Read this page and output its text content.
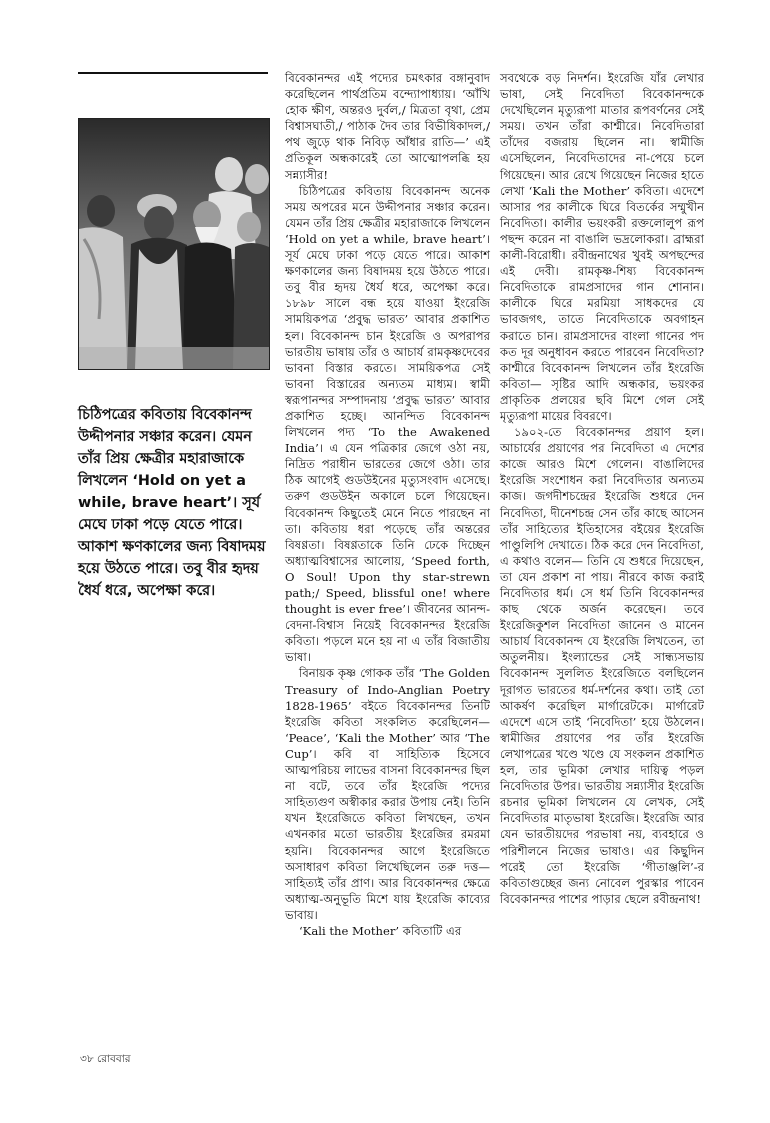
চিঠিপত্রের কবিতায় বিবেকানন্দ উদ্দীপনার সঞ্চার করেন। যেমন তাঁর প্রিয় ক্ষেত্রীর মহারাজাকে লিখলেন ‘Hold on yet a while, brave heart’। সূর্য মেঘে ঢাকা পড়ে যেতে পারে। আকাশ ক্ষণকালের জন্য বিষাদময় হয়ে উঠতে পারে। তবু বীর হৃদয় ধৈর্য ধরে, অপেক্ষা করে।

বিবেকানন্দর এই পদ্যের চমৎকার বঙ্গানুবাদ করেছিলেন পার্থপ্রতিম বন্দ্যোপাধ্যায়। ‘আঁখি হোক ক্ষীণ, অন্তরও দুর্বল,/ মিত্রতা বৃথা, প্রেম বিশ্বাসঘাতী,/ পাঠাক দৈব তার বিভীষিকাদল,/ পথ জুড়ে থাক নিবিড় আঁধার রাতি—’ এই প্রতিকূল অন্ধকারেই তো আত্মোপলব্ধি হয় সন্ন্যাসীর!

চিঠিপত্রের কবিতায় বিবেকানন্দ অনেক সময় অপরের মনে উদ্দীপনার সঞ্চার করেন। যেমন তাঁর প্রিয় ক্ষেত্রীর মহারাজাকে লিখলেন ‘Hold on yet a while, brave heart’। সূর্য মেঘে ঢাকা পড়ে যেতে পারে। আকাশ ক্ষণকালের জন্য বিষাদময় হয়ে উঠতে পারে। তবু বীর হৃদয় ধৈর্য ধরে, অপেক্ষা করে। ১৮৯৮ সালে বন্ধ হয়ে যাওয়া ইংরেজি সাময়িকপত্র ‘প্রবুদ্ধ ভারত’ আবার প্রকাশিত হল। বিবেকানন্দ চান ইংরেজি ও অপরাপর ভারতীয় ভাষায় তাঁর ও আচার্য রামকৃষ্ণদেবের ভাবনা বিস্তার করতে। সাময়িকপত্র সেই ভাবনা বিস্তারের অন্যতম মাধ্যম। স্বামী স্বরূপানন্দর সম্পাদনায় ‘প্রবুদ্ধ ভারত’ আবার প্রকাশিত হচ্ছে। আনন্দিত বিবেকানন্দ লিখলেন পদ্য ‘To the Awakened India’। এ যেন পত্রিকার জেগে ওঠা নয়, নিদ্রিত পরাধীন ভারতের জেগে ওঠা। তার ঠিক আগেই গুডউইনের মৃত্যুসংবাদ এসেছে। তরুণ গুডউইন অকালে চলে গিয়েছেন। বিবেকানন্দ কিছুতেই মেনে নিতে পারছেন না তা। কবিতায় ধরা পড়েছে তাঁর অন্তরের বিষণ্ণতা। বিষণ্ণতাকে তিনি ঢেকে দিচ্ছেন অধ্যাত্মবিশ্বাসের আলোয়, ‘Speed forth, O Soul! Upon thy star-strewn path;/ Speed, blissful one! where thought is ever free’। জীবনের আনন্দ-বেদনা-বিশ্বাস নিয়েই বিবেকানন্দর ইংরেজি কবিতা। পড়লে মনে হয় না এ তাঁর বিজাতীয় ভাষা।

বিনায়ক কৃষ্ণ গোকক তাঁর ‘The Golden Treasury of Indo-Anglian Poetry 1828-1965’ বইতে বিবেকানন্দর তিনটি ইংরেজি কবিতা সংকলিত করেছিলেন— ‘Peace’, ‘Kali the Mother’ আর ‘The Cup’। কবি বা সাহিত্যিক হিসেবে আত্মপরিচয় লাভের বাসনা বিবেকানন্দর ছিল না বটে, তবে তাঁর ইংরেজি পদ্যের সাহিত্যগুণ অস্বীকার করার উপায় নেই। তিনি যখন ইংরেজিতে কবিতা লিখছেন, তখন এখনকার মতো ভারতীয় ইংরেজির রমরমা হয়নি। বিবেকানন্দর আগে ইংরেজিতে অসাধারণ কবিতা লিখেছিলেন তরু দত্ত— সাহিত্যই তাঁর প্রাণ। আর বিবেকানন্দর ক্ষেত্রে অধ্যাত্ম-অনুভূতি মিশে যায় ইংরেজি কাব্যের ভাবায়।

‘Kali the Mother’ কবিতাটি এর

সবথেকে বড় নিদর্শন। ইংরেজি যাঁর লেখার ভাষা, সেই নিবেদিতা বিবেকানন্দকে দেখেছিলেন মৃত্যুরূপা মাতার রূপবর্ণনের সেই সময়। তখন তাঁরা কাশ্মীরে। নিবেদিতারা তাঁদের বজরায় ছিলেন না। স্বামীজি এসেছিলেন, নিবেদিতাদের না-পেয়ে চলে গিয়েছেন। আর রেখে গিয়েছেন নিজের হাতে লেখা ‘Kali the Mother’ কবিতা। এদেশে আসার পর কালীকে ঘিরে বিতর্কের সম্মুখীন নিবেদিতা। কালীর ভয়ংকরী রক্তলোলুপ রূপ পছন্দ করেন না বাঙালি ভদ্রলোকরা। ব্রাহ্মরা কালী-বিরোধী। রবীন্দ্রনাথের খুবই অপছন্দের এই দেবী। রামকৃষ্ণ-শিষ্য বিবেকানন্দ নিবেদিতাকে রামপ্রসাদের গান শোনান। কালীকে ঘিরে মরমিয়া সাধকদের যে ভাবজগৎ, তাতে নিবেদিতাকে অবগাহন করাতে চান। রামপ্রসাদের বাংলা গানের পদ কত দূর অনুধাবন করতে পারবেন নিবেদিতা? কাশ্মীরে বিবেকানন্দ লিখলেন তাঁর ইংরেজি কবিতা— সৃষ্টির আদি অন্ধকার, ভয়ংকর প্রাকৃতিক প্রলয়ের ছবি মিশে গেল সেই মৃত্যুরূপা মায়ের বিবরণে।

১৯০২-তে বিবেকানন্দর প্রয়াণ হল। আচার্যের প্রয়াণের পর নিবেদিতা এ দেশের কাজে আরও মিশে গেলেন। বাঙালিদের ইংরেজি সংশোধন করা নিবেদিতার অন্যতম কাজ। জগদীশচন্দ্রের ইংরেজি শুধরে দেন নিবেদিতা, দীনেশচন্দ্র সেন তাঁর কাছে আসেন তাঁর সাহিত্যের ইতিহাসের বইয়ের ইংরেজি পাণ্ডুলিপি দেখাতে। ঠিক করে দেন নিবেদিতা, এ কথাও বলেন— তিনি যে শুধরে দিয়েছেন, তা যেন প্রকাশ না পায়। নীরবে কাজ করাই নিবেদিতার ধর্ম। সে ধর্ম তিনি বিবেকানন্দর কাছ থেকে অর্জন করেছেন। তবে ইংরেজিকুশল নিবেদিতা জানেন ও মানেন আচার্য বিবেকানন্দ যে ইংরেজি লিখতেন, তা অতুলনীয়। ইংল্যান্ডের সেই সান্ধ্যসভায় বিবেকানন্দ সুললিত ইংরেজিতে বলছিলেন দূরাগত ভারতের ধর্ম-দর্শনের কথা। তাই তো আকর্ষণ করেছিল মার্গারেটকে। মার্গারেট এদেশে এসে তাই ‘নিবেদিতা’ হয়ে উঠলেন। স্বামীজির প্রয়াণের পর তাঁর ইংরেজি লেখাপত্রের খণ্ডে খণ্ডে যে সংকলন প্রকাশিত হল, তার ভূমিকা লেখার দায়িত্ব পড়ল নিবেদিতার উপর। ভারতীয় সন্ন্যাসীর ইংরেজি রচনার ভূমিকা লিখলেন যে লেখক, সেই নিবেদিতার মাতৃভাষা ইংরেজি। ইংরেজি আর যেন ভারতীয়দের পরভাষা নয়, ব্যবহারে ও পরিশীলনে নিজের ভাষাও। এর কিছুদিন পরেই তো ইংরেজি ‘গীতাঞ্জলি’-র কবিতাগুচ্ছের জন্য নোবেল পুরস্কার পাবেন বিবেকানন্দর পাশের পাড়ার ছেলে রবীন্দ্রনাথ!

৩৮ রোববার
